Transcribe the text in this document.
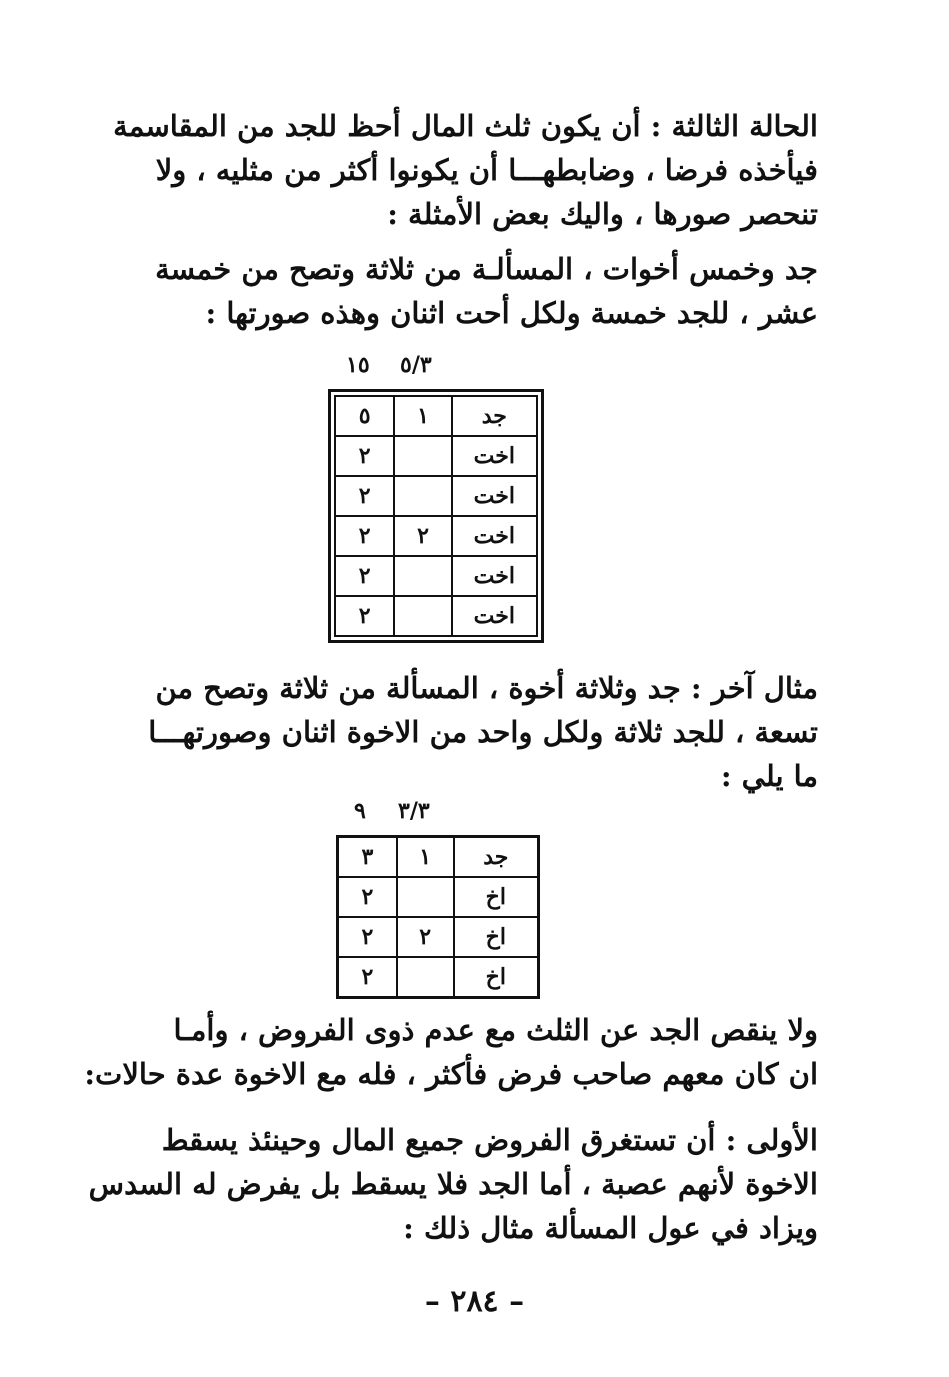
الحالة الثالثة : أن يكون ثلث المال أحظ للجد من المقاسمة
فيأخذه فرضا ، وضابطهـــا أن يكونوا أكثر من مثليه ، ولا
تنحصر صورها ، واليك بعض الأمثلة :
جد وخمس أخوات ، المسألـة من ثلاثة وتصح من خمسة
عشر ، للجد خمسة ولكل أحت اثنان وهذه صورتها :
٥/٣
١٥
جد	١	٥
اخت		٢
اخت		٢
اخت	٢	٢
اخت		٢
اخت		٢
مثال آخر : جد وثلاثة أخوة ، المسألة من ثلاثة وتصح من
تسعة ، للجد ثلاثة ولكل واحد من الاخوة اثنان وصورتهـــا
ما يلي :
٣/٣
٩
جد	١	٣
اخ		٢
اخ	٢	٢
اخ		٢
ولا ينقص الجد عن الثلث مع عدم ذوى الفروض ، وأمـا
ان كان معهم صاحب فرض فأكثر ، فله مع الاخوة عدة حالات:
الأولى : أن تستغرق الفروض جميع المال وحينئذ يسقط
الاخوة لأنهم عصبة ، أما الجد فلا يسقط بل يفرض له السدس
ويزاد في عول المسألة مثال ذلك :
– ٢٨٤ –
